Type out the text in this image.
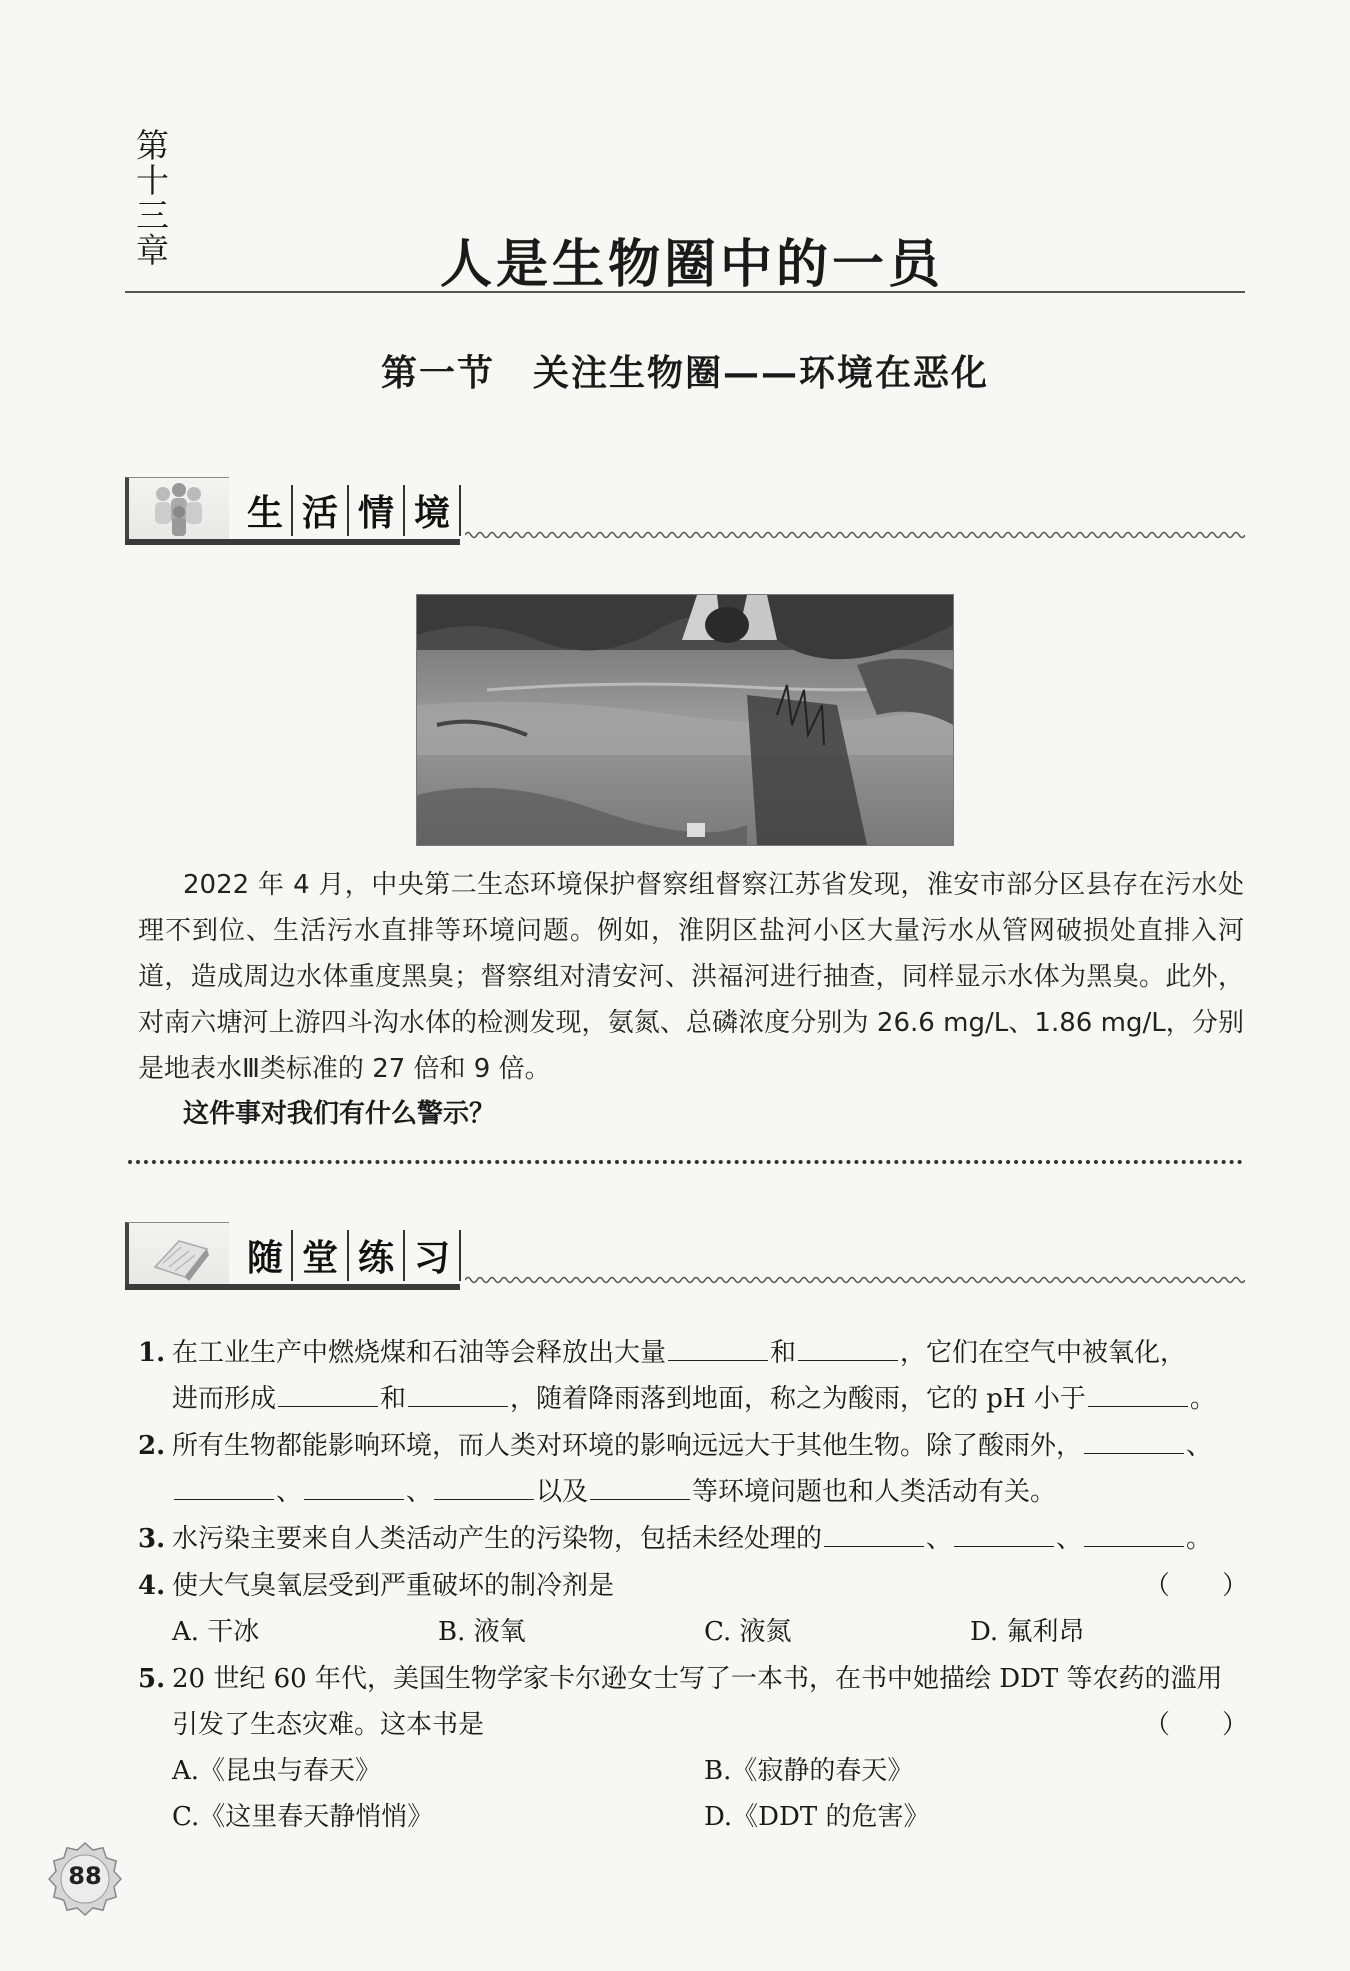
第十三章	人是生物圈中的一员
第一节　关注生物圈——环境在恶化
生 活 情 境
2022 年 4 月，中央第二生态环境保护督察组督察江苏省发现，淮安市部分区县存在污水处理不到位、生活污水直排等环境问题。例如，淮阴区盐河小区大量污水从管网破损处直排入河道，造成周边水体重度黑臭；督察组对清安河、洪福河进行抽查，同样显示水体为黑臭。此外，对南六塘河上游四斗沟水体的检测发现，氨氮、总磷浓度分别为 26.6 mg/L、1.86 mg/L，分别是地表水Ⅲ类标准的 27 倍和 9 倍。
这件事对我们有什么警示？
随 堂 练 习
1. 在工业生产中燃烧煤和石油等会释放出大量	和	，它们在空气中被氧化，
进而形成	和	，随着降雨落到地面，称之为酸雨，它的 pH 小于	。
2. 所有生物都能影响环境，而人类对环境的影响远远大于其他生物。除了酸雨外，	、
、	、	以及	等环境问题也和人类活动有关。
3. 水污染主要来自人类活动产生的污染物，包括未经处理的	、	、	。
4. 使大气臭氧层受到严重破坏的制冷剂是	（　　）
A. 干冰	B. 液氧	C. 液氮	D. 氟利昂
5. 20 世纪 60 年代，美国生物学家卡尔逊女士写了一本书，在书中她描绘 DDT 等农药的滥用
引发了生态灾难。这本书是	（　　）
A.《昆虫与春天》	B.《寂静的春天》
C.《这里春天静悄悄》	D.《DDT 的危害》
88
